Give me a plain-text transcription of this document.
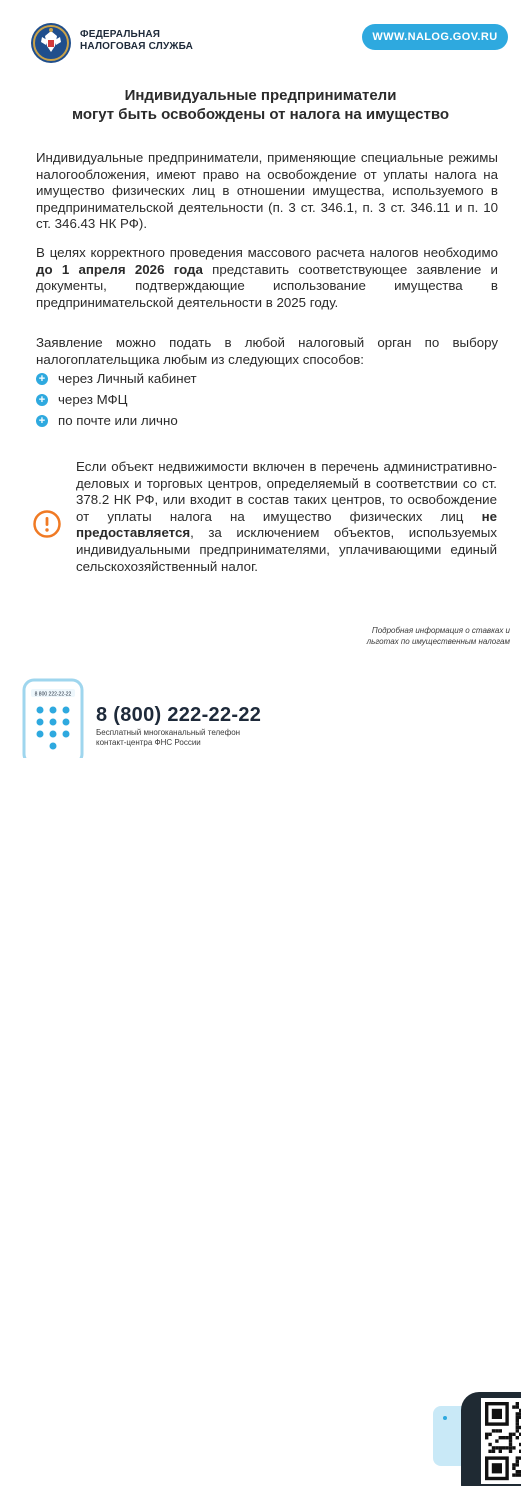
ФЕДЕРАЛЬНАЯ
НАЛОГОВАЯ СЛУЖБА
WWW.NALOG.GOV.RU
Индивидуальные предприниматели
могут быть освобождены от налога на имущество
Индивидуальные предприниматели, применяющие специальные режимы налогообложения, имеют право на освобождение от уплаты налога на имущество физических лиц в отношении имущества, используемого в предпринимательской деятельности (п. 3 ст. 346.1, п. 3 ст. 346.11 и п. 10 ст. 346.43 НК РФ).
В целях корректного проведения массового расчета налогов необходимо до 1 апреля 2026 года представить соответствующее заявление и документы, подтверждающие использование имущества в предпринимательской деятельности в 2025 году.
Заявление можно подать в любой налоговый орган по выбору налогоплательщика любым из следующих способов:
+ через Личный кабинет
+ через МФЦ
+ по почте или лично
Если объект недвижимости включен в перечень административно-деловых и торговых центров, определяемый в соответствии со ст. 378.2 НК РФ, или входит в состав таких центров, то освобождение от уплаты налога на имущество физических лиц не предоставляется, за исключением объектов, используемых индивидуальными предпринимателями, уплачивающими единый сельскохозяйственный налог.
Подробная информация о ставках и
льготах по имущественным налогам
8 800 222-22-22
8 (800) 222-22-22
Бесплатный многоканальный телефон
контакт-центра ФНС России
